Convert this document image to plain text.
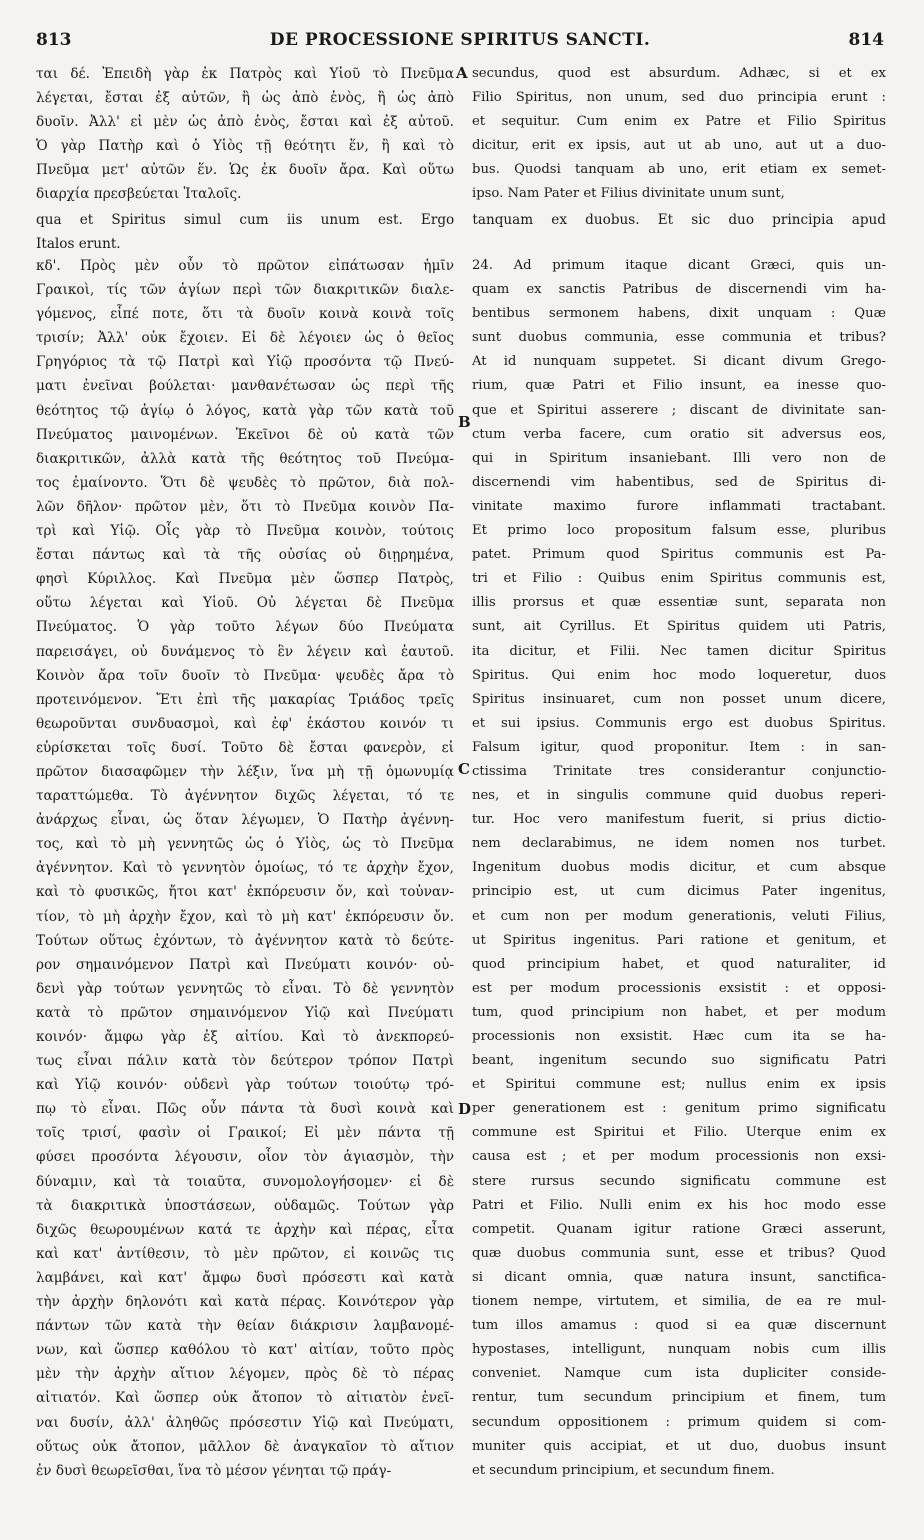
813	DE PROCESSIONE SPIRITUS SANCTI.	814
A
B
C
D
ται δέ. Ἐπειδὴ γὰρ ἐκ Πατρὸς καὶ Υἱοῦ τὸ Πνεῦμα
λέγεται, ἔσται ἐξ αὐτῶν, ἢ ὡς ἀπὸ ἑνὸς, ἢ ὡς ἀπὸ
δυοῖν. Ἀλλ' εἰ μὲν ὡς ἀπὸ ἑνὸς, ἔσται καὶ ἐξ αὐτοῦ.
Ὁ γὰρ Πατὴρ καὶ ὁ Υἱὸς τῇ θεότητι ἕν, ἢ καὶ τὸ
Πνεῦμα μετ' αὐτῶν ἕν. Ὡς ἐκ δυοῖν ἄρα. Καὶ οὕτω
διαρχία πρεσβεύεται Ἰταλοῖς.
secundus, quod est absurdum. Adhæc, si et ex
Filio Spiritus, non unum, sed duo principia erunt :
et sequitur. Cum enim ex Patre et Filio Spiritus
dicitur, erit ex ipsis, aut ut ab uno, aut ut a duo-
bus. Quodsi tanquam ab uno, erit etiam ex semet-
ipso. Nam Pater et Filius divinitate unum sunt,
qua et Spiritus simul cum iis unum est. Ergo tanquam ex duobus. Et sic duo principia apud
Italos erunt.
κδ'. Πρὸς μὲν οὖν τὸ πρῶτον εἰπάτωσαν ἡμῖν
Γραικοὶ, τίς τῶν ἁγίων περὶ τῶν διακριτικῶν διαλε-
γόμενος, εἶπέ ποτε, ὅτι τὰ δυοῖν κοινὰ κοινὰ τοῖς
τρισίν; Ἀλλ' οὐκ ἔχοιεν. Εἰ δὲ λέγοιεν ὡς ὁ θεῖος
Γρηγόριος τὰ τῷ Πατρὶ καὶ Υἱῷ προσόντα τῷ Πνεύ-
ματι ἐνεῖναι βούλεται· μανθανέτωσαν ὡς περὶ τῆς
θεότητος τῷ ἁγίῳ ὁ λόγος, κατὰ γὰρ τῶν κατὰ τοῦ
Πνεύματος μαινομένων. Ἐκεῖνοι δὲ οὐ κατὰ τῶν
διακριτικῶν, ἀλλὰ κατὰ τῆς θεότητος τοῦ Πνεύμα-
τος ἐμαίνοντο. Ὅτι δὲ ψευδὲς τὸ πρῶτον, διὰ πολ-
λῶν δῆλον· πρῶτον μὲν, ὅτι τὸ Πνεῦμα κοινὸν Πα-
τρὶ καὶ Υἱῷ. Οἷς γὰρ τὸ Πνεῦμα κοινὸν, τούτοις
ἔσται πάντως καὶ τὰ τῆς οὐσίας οὐ διῃρημένα,
φησὶ Κύριλλος. Καὶ Πνεῦμα μὲν ὥσπερ Πατρὸς,
οὕτω λέγεται καὶ Υἱοῦ. Οὐ λέγεται δὲ Πνεῦμα
Πνεύματος. Ὁ γὰρ τοῦτο λέγων δύο Πνεύματα
παρεισάγει, οὐ δυνάμενος τὸ ἓν λέγειν καὶ ἑαυτοῦ.
Κοινὸν ἄρα τοῖν δυοῖν τὸ Πνεῦμα· ψευδὲς ἄρα τὸ
προτεινόμενον. Ἔτι ἐπὶ τῆς μακαρίας Τριάδος τρεῖς
θεωροῦνται συνδυασμοὶ, καὶ ἐφ' ἑκάστου κοινόν τι
εὑρίσκεται τοῖς δυσί. Τοῦτο δὲ ἔσται φανερὸν, εἰ
πρῶτον διασαφῶμεν τὴν λέξιν, ἵνα μὴ τῇ ὁμωνυμίᾳ
ταραττώμεθα. Τὸ ἀγέννητον διχῶς λέγεται, τό τε
ἀνάρχως εἶναι, ὡς ὅταν λέγωμεν, Ὁ Πατὴρ ἀγέννη-
τος, καὶ τὸ μὴ γεννητῶς ὡς ὁ Υἱὸς, ὡς τὸ Πνεῦμα
ἀγέννητον. Καὶ τὸ γεννητὸν ὁμοίως, τό τε ἀρχὴν ἔχον,
καὶ τὸ φυσικῶς, ἤτοι κατ' ἐκπόρευσιν ὄν, καὶ τοὐναν-
τίον, τὸ μὴ ἀρχὴν ἔχον, καὶ τὸ μὴ κατ' ἐκπόρευσιν ὄν.
Τούτων οὕτως ἐχόντων, τὸ ἀγέννητον κατὰ τὸ δεύτε-
ρον σημαινόμενον Πατρὶ καὶ Πνεύματι κοινόν· οὐ-
δενὶ γὰρ τούτων γεννητῶς τὸ εἶναι. Τὸ δὲ γεννητὸν
κατὰ τὸ πρῶτον σημαινόμενον Υἱῷ καὶ Πνεύματι
κοινόν· ἄμφω γὰρ ἐξ αἰτίου. Καὶ τὸ ἀνεκπορεύ-
τως εἶναι πάλιν κατὰ τὸν δεύτερον τρόπον Πατρὶ
καὶ Υἱῷ κοινόν· οὐδενὶ γὰρ τούτων τοιούτῳ τρό-
πῳ τὸ εἶναι. Πῶς οὖν πάντα τὰ δυσὶ κοινὰ καὶ
τοῖς τρισί, φασὶν οἱ Γραικοί; Εἰ μὲν πάντα τῇ
φύσει προσόντα λέγουσιν, οἷον τὸν ἁγιασμὸν, τὴν
δύναμιν, καὶ τὰ τοιαῦτα, συνομολογήσομεν· εἰ δὲ
τὰ διακριτικὰ ὑποστάσεων, οὐδαμῶς. Τούτων γὰρ
διχῶς θεωρουμένων κατά τε ἀρχὴν καὶ πέρας, εἶτα
καὶ κατ' ἀντίθεσιν, τὸ μὲν πρῶτον, εἰ κοινῶς τις
λαμβάνει, καὶ κατ' ἄμφω δυσὶ πρόσεστι καὶ κατὰ
τὴν ἀρχὴν δηλονότι καὶ κατὰ πέρας. Κοινότερον γὰρ
πάντων τῶν κατὰ τὴν θείαν διάκρισιν λαμβανομέ-
νων, καὶ ὥσπερ καθόλου τὸ κατ' αἰτίαν, τοῦτο πρὸς
μὲν τὴν ἀρχὴν αἴτιον λέγομεν, πρὸς δὲ τὸ πέρας
αἰτιατόν. Καὶ ὥσπερ οὐκ ἄτοπον τὸ αἰτιατὸν ἐνεῖ-
ναι δυσίν, ἀλλ' ἀληθῶς πρόσεστιν Υἱῷ καὶ Πνεύματι,
οὕτως οὐκ ἄτοπον, μᾶλλον δὲ ἀναγκαῖον τὸ αἴτιον
ἐν δυσὶ θεωρεῖσθαι, ἵνα τὸ μέσον γένηται τῷ πράγ-
24. Ad primum itaque dicant Græci, quis un-
quam ex sanctis Patribus de discernendi vim ha-
bentibus sermonem habens, dixit unquam : Quæ
sunt duobus communia, esse communia et tribus?
At id nunquam suppetet. Si dicant divum Grego-
rium, quæ Patri et Filio insunt, ea inesse quo-
que et Spiritui asserere ; discant de divinitate san-
ctum verba facere, cum oratio sit adversus eos,
qui in Spiritum insaniebant. Illi vero non de
discernendi vim habentibus, sed de Spiritus di-
vinitate maximo furore inflammati tractabant.
Et primo loco propositum falsum esse, pluribus
patet. Primum quod Spiritus communis est Pa-
tri et Filio : Quibus enim Spiritus communis est,
illis prorsus et quæ essentiæ sunt, separata non
sunt, ait Cyrillus. Et Spiritus quidem uti Patris,
ita dicitur, et Filii. Nec tamen dicitur Spiritus
Spiritus. Qui enim hoc modo loqueretur, duos
Spiritus insinuaret, cum non posset unum dicere,
et sui ipsius. Communis ergo est duobus Spiritus.
Falsum igitur, quod proponitur. Item : in san-
ctissima Trinitate tres considerantur conjunctio-
nes, et in singulis commune quid duobus reperi-
tur. Hoc vero manifestum fuerit, si prius dictio-
nem declarabimus, ne idem nomen nos turbet.
Ingenitum duobus modis dicitur, et cum absque
principio est, ut cum dicimus Pater ingenitus,
et cum non per modum generationis, veluti Filius,
ut Spiritus ingenitus. Pari ratione et genitum, et
quod principium habet, et quod naturaliter, id
est per modum processionis exsistit : et opposi-
tum, quod principium non habet, et per modum
processionis non exsistit. Hæc cum ita se ha-
beant, ingenitum secundo suo significatu Patri
et Spiritui commune est; nullus enim ex ipsis
per generationem est : genitum primo significatu
commune est Spiritui et Filio. Uterque enim ex
causa est ; et per modum processionis non exsi-
stere rursus secundo significatu commune est
Patri et Filio. Nulli enim ex his hoc modo esse
competit. Quanam igitur ratione Græci asserunt,
quæ duobus communia sunt, esse et tribus? Quod
si dicant omnia, quæ natura insunt, sanctifica-
tionem nempe, virtutem, et similia, de ea re mul-
tum illos amamus : quod si ea quæ discernunt
hypostases, intelligunt, nunquam nobis cum illis
conveniet. Namque cum ista dupliciter conside-
rentur, tum secundum principium et finem, tum
secundum oppositionem : primum quidem si com-
muniter quis accipiat, et ut duo, duobus insunt
et secundum principium, et secundum finem.
